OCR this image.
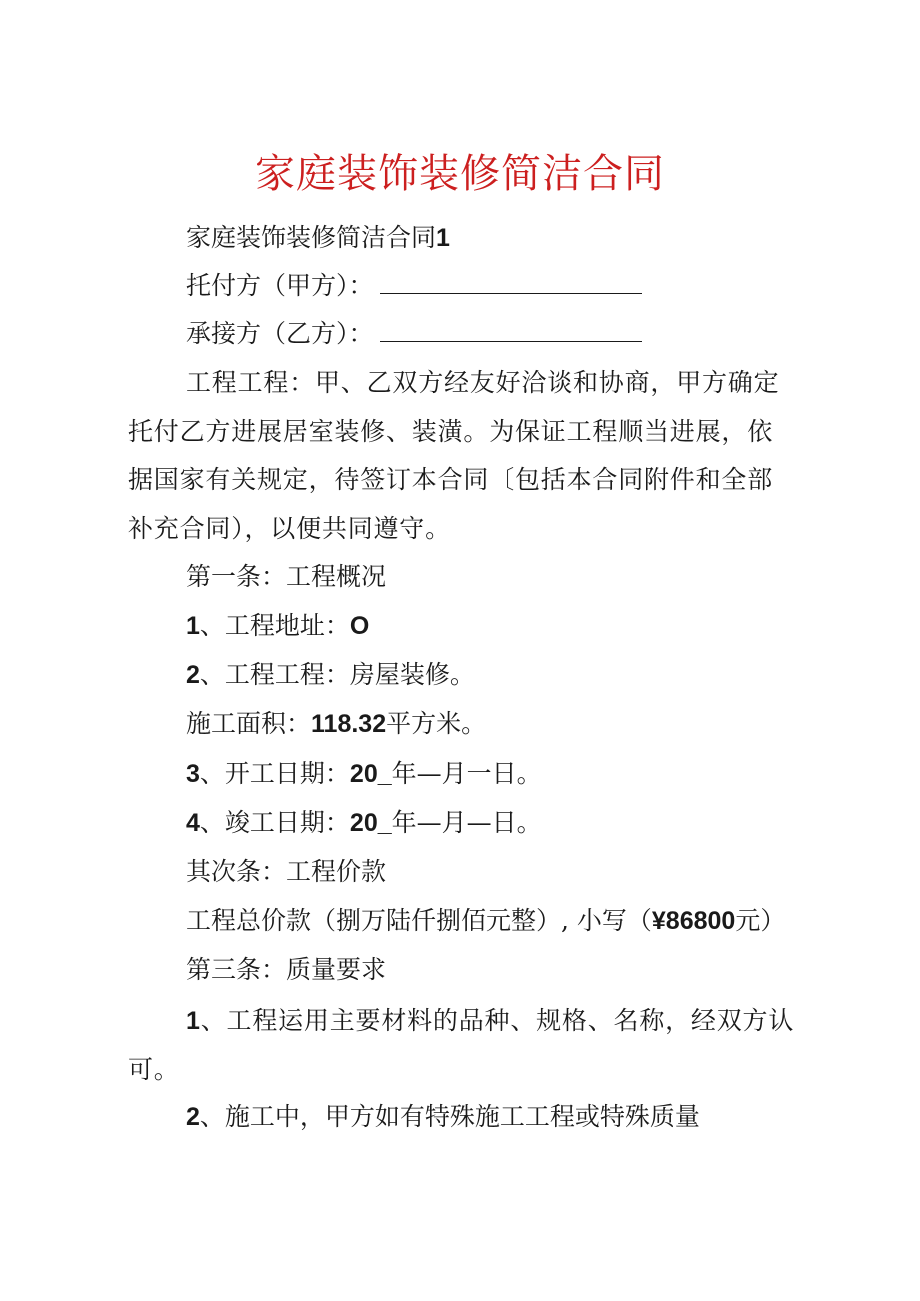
家庭装饰装修简洁合同
家庭装饰装修简洁合同1
托付方（甲方）：
承接方（乙方）：
工程工程：甲、乙双方经友好洽谈和协商，甲方确定托付乙方进展居室装修、装潢。为保证工程顺当进展，依据国家有关规定，待签订本合同〔包括本合同附件和全部补充合同），以便共同遵守。
第一条：工程概况
1、工程地址：O
2、工程工程：房屋装修。
施工面积：118.32平方米。
3、开工日期：20_年—月一日。
4、竣工日期：20_年—月—日。
其次条：工程价款
工程总价款（捌万陆仟捌佰元整）, 小写（¥86800元）
第三条：质量要求
1、工程运用主要材料的品种、规格、名称，经双方认可。
2、施工中，甲方如有特殊施工工程或特殊质量
